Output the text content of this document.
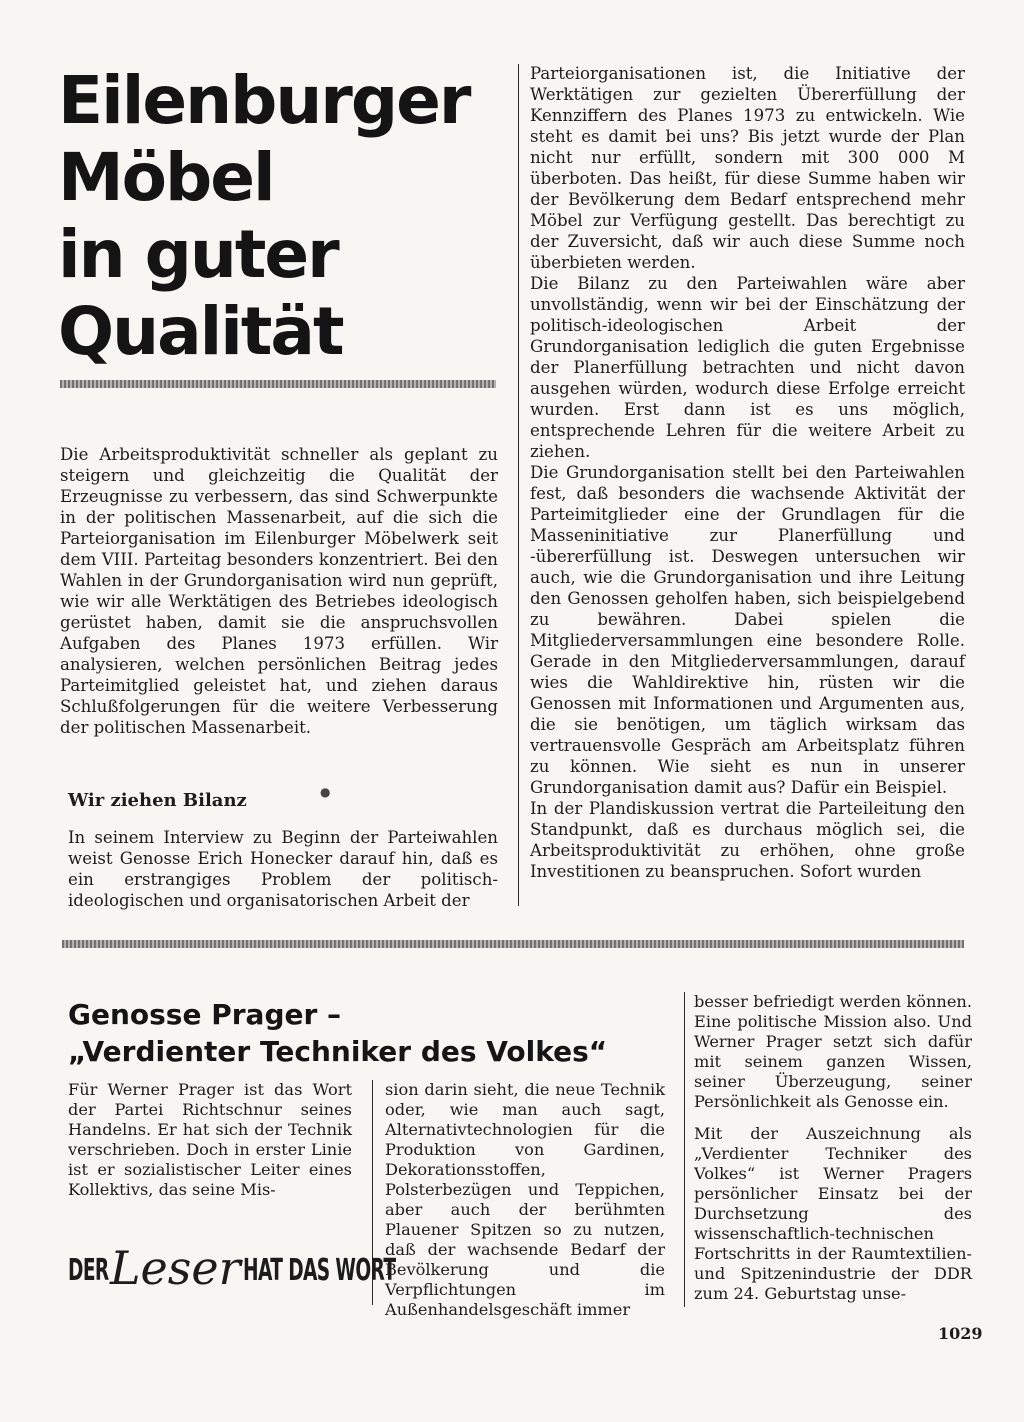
Eilenburger
Möbel
in guter
Qualität

Die Arbeitsproduktivität schneller als geplant zu steigern und gleichzeitig die Qualität der Erzeugnisse zu verbessern, das sind Schwerpunkte in der politischen Massenarbeit, auf die sich die Parteiorganisation im Eilenburger Möbelwerk seit dem VIII. Parteitag besonders konzentriert. Bei den Wahlen in der Grundorganisation wird nun geprüft, wie wir alle Werktätigen des Betriebes ideologisch gerüstet haben, damit sie die anspruchsvollen Aufgaben des Planes 1973 erfüllen. Wir analysieren, welchen persönlichen Beitrag jedes Parteimitglied geleistet hat, und ziehen daraus Schlußfolgerungen für die weitere Verbesserung der politischen Massenarbeit.

Wir ziehen Bilanz	●

In seinem Interview zu Beginn der Parteiwahlen weist Genosse Erich Honecker darauf hin, daß es ein erstrangiges Problem der politisch-ideologischen und organisatorischen Arbeit der

Parteiorganisationen ist, die Initiative der Werktätigen zur gezielten Übererfüllung der Kennziffern des Planes 1973 zu entwickeln. Wie steht es damit bei uns? Bis jetzt wurde der Plan nicht nur erfüllt, sondern mit 300 000 M überboten. Das heißt, für diese Summe haben wir der Bevölkerung dem Bedarf entsprechend mehr Möbel zur Verfügung gestellt. Das berechtigt zu der Zuversicht, daß wir auch diese Summe noch überbieten werden.

Die Bilanz zu den Parteiwahlen wäre aber unvollständig, wenn wir bei der Einschätzung der politisch-ideologischen Arbeit der Grundorganisation lediglich die guten Ergebnisse der Planerfüllung betrachten und nicht davon ausgehen würden, wodurch diese Erfolge erreicht wurden. Erst dann ist es uns möglich, entsprechende Lehren für die weitere Arbeit zu ziehen.

Die Grundorganisation stellt bei den Parteiwahlen fest, daß besonders die wachsende Aktivität der Parteimitglieder eine der Grundlagen für die Masseninitiative zur Planerfüllung und -übererfüllung ist. Deswegen untersuchen wir auch, wie die Grundorganisation und ihre Leitung den Genossen geholfen haben, sich beispielgebend zu bewähren. Dabei spielen die Mitgliederversammlungen eine besondere Rolle. Gerade in den Mitgliederversammlungen, darauf wies die Wahldirektive hin, rüsten wir die Genossen mit Informationen und Argumenten aus, die sie benötigen, um täglich wirksam das vertrauensvolle Gespräch am Arbeitsplatz führen zu können. Wie sieht es nun in unserer Grundorganisation damit aus? Dafür ein Beispiel.

In der Plandiskussion vertrat die Parteileitung den Standpunkt, daß es durchaus möglich sei, die Arbeitsproduktivität zu erhöhen, ohne große Investitionen zu beanspruchen. Sofort wurden

Genosse Prager –
„Verdienter Techniker des Volkes“

Für Werner Prager ist das Wort der Partei Richtschnur seines Handelns. Er hat sich der Technik verschrieben. Doch in erster Linie ist er sozialistischer Leiter eines Kollektivs, das seine Mis-

sion darin sieht, die neue Technik oder, wie man auch sagt, Alternativtechnologien für die Produktion von Gardinen, Dekorationsstoffen, Polsterbezügen und Teppichen, aber auch der berühmten Plauener Spitzen so zu nutzen, daß der wachsende Bedarf der Bevölkerung und die Verpflichtungen im Außenhandelsgeschäft immer

besser befriedigt werden können. Eine politische Mission also. Und Werner Prager setzt sich dafür mit seinem ganzen Wissen, seiner Überzeugung, seiner Persönlichkeit als Genosse ein.

Mit der Auszeichnung als „Verdienter Techniker des Volkes“ ist Werner Pragers persönlicher Einsatz bei der Durchsetzung des wissenschaftlich-technischen Fortschritts in der Raumtextilien- und Spitzenindustrie der DDR zum 24. Geburtstag unse-

DER Leser HAT DAS WORT
1029
